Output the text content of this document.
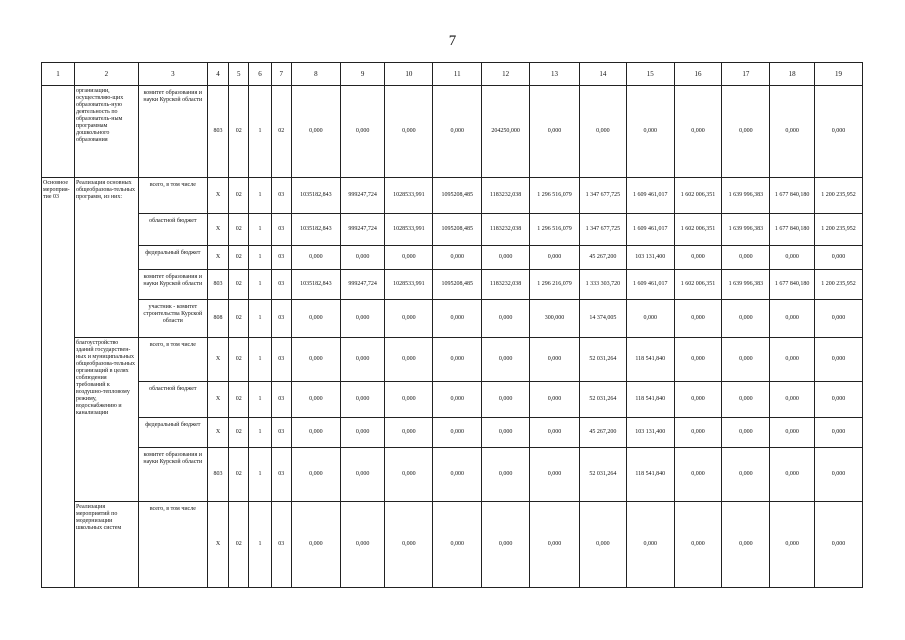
7
1	2	3	4	5	6	7	8	9	10	11	12	13	14	15	16	17	18	19
	организации, осуществляю-щих образователь-ную деятельность по образователь-ным программам дошкольного образования	комитет образования и науки Курской области	803	02	1	02	0,000	0,000	0,000	0,000	204250,000	0,000	0,000	0,000	0,000	0,000	0,000	0,000
Основное мероприя-тие 03	Реализация основных общеобразова-тельных программ, из них:	всего, в том числе	X	02	1	03	1035182,843	999247,724	1028533,991	1095208,485	1183232,038	1 296 516,079	1 347 677,725	1 609 461,017	1 602 006,351	1 639 996,383	1 677 840,180	1 200 235,952
		областной бюджет	X	02	1	03	1035182,843	999247,724	1028533,991	1095208,485	1183232,038	1 296 516,079	1 347 677,725	1 609 461,017	1 602 006,351	1 639 996,383	1 677 840,180	1 200 235,952
		федеральный бюджет	X	02	1	03	0,000	0,000	0,000	0,000	0,000	0,000	45 267,200	103 131,400	0,000	0,000	0,000	0,000
		комитет образования и науки Курской области	803	02	1	03	1035182,843	999247,724	1028533,991	1095208,485	1183232,038	1 296 216,079	1 333 303,720	1 609 461,017	1 602 006,351	1 639 996,383	1 677 840,180	1 200 235,952
		участник - комитет строительства Курской области	808	02	1	03	0,000	0,000	0,000	0,000	0,000	300,000	14 374,005	0,000	0,000	0,000	0,000	0,000
	благоустройство зданий государствен-ных и муниципальных общеобразова-тельных организаций в целях соблюдения требований к воздушно-тепловому режиму, водоснабжению и канализации	всего, в том числе	X	02	1	03	0,000	0,000	0,000	0,000	0,000	0,000	52 031,264	118 541,840	0,000	0,000	0,000	0,000
		областной бюджет	X	02	1	03	0,000	0,000	0,000	0,000	0,000	0,000	52 031,264	118 541,840	0,000	0,000	0,000	0,000
		федеральный бюджет	X	02	1	03	0,000	0,000	0,000	0,000	0,000	0,000	45 267,200	103 131,400	0,000	0,000	0,000	0,000
		комитет образования и науки Курской области	803	02	1	03	0,000	0,000	0,000	0,000	0,000	0,000	52 031,264	118 541,840	0,000	0,000	0,000	0,000
	Реализация мероприятий по модернизации школьных систем	всего, в том числе	X	02	1	03	0,000	0,000	0,000	0,000	0,000	0,000	0,000	0,000	0,000	0,000	0,000	0,000
